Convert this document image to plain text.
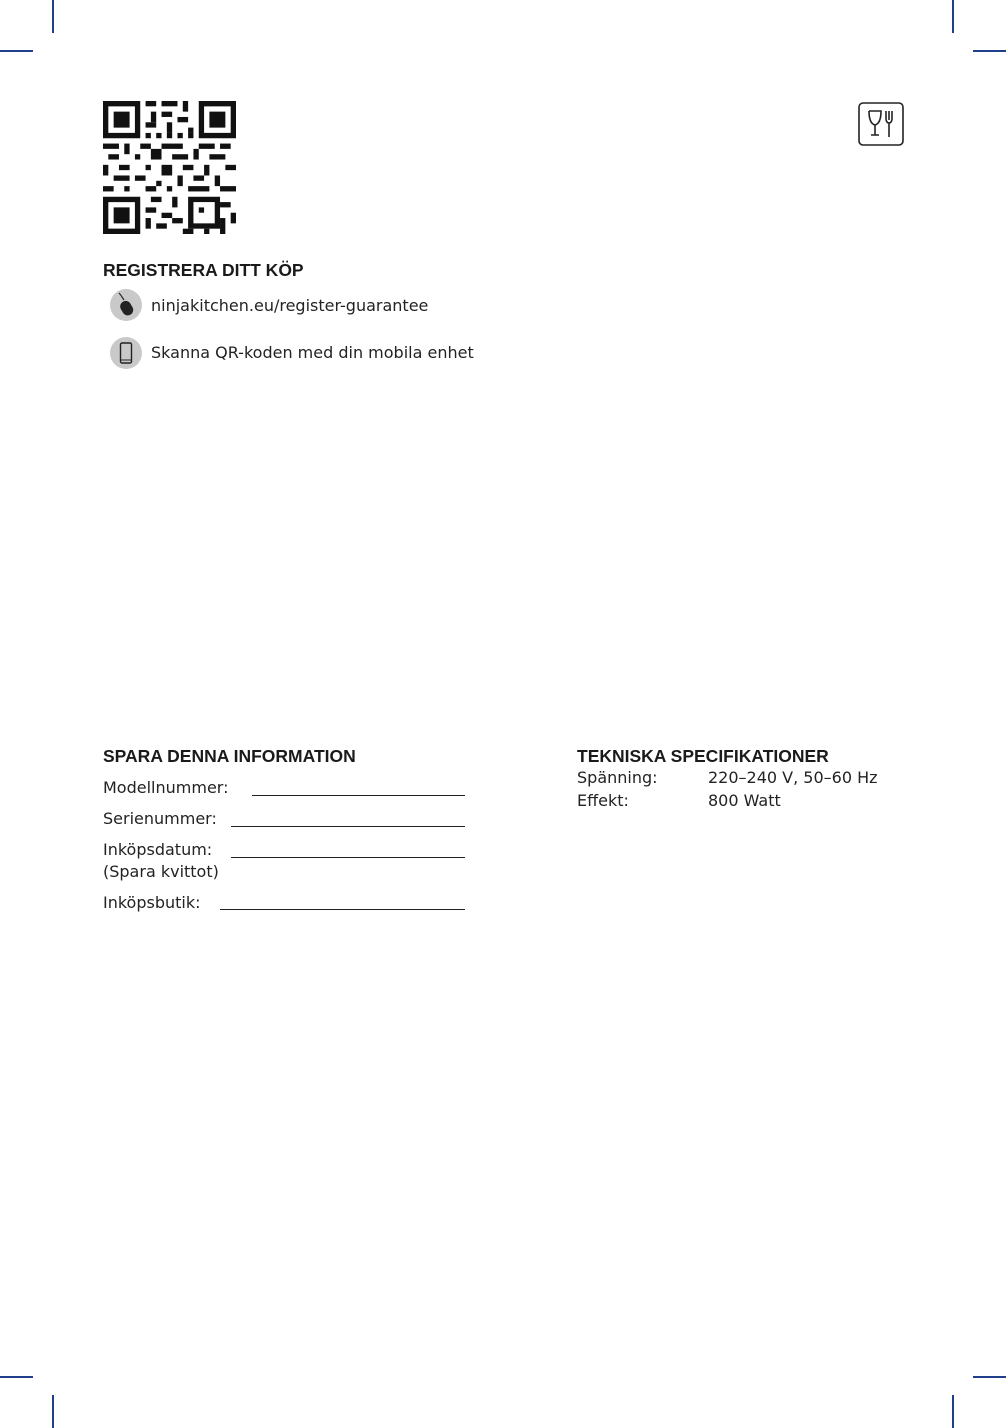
REGISTRERA DITT KÖP
ninjakitchen.eu/register-guarantee
Skanna QR-koden med din mobila enhet
SPARA DENNA INFORMATION
Modellnummer:
Serienummer:
Inköpsdatum:
(Spara kvittot)
Inköpsbutik:
TEKNISKA SPECIFIKATIONER
Spänning:	220–240 V, 50–60 Hz
Effekt:	800 Watt
